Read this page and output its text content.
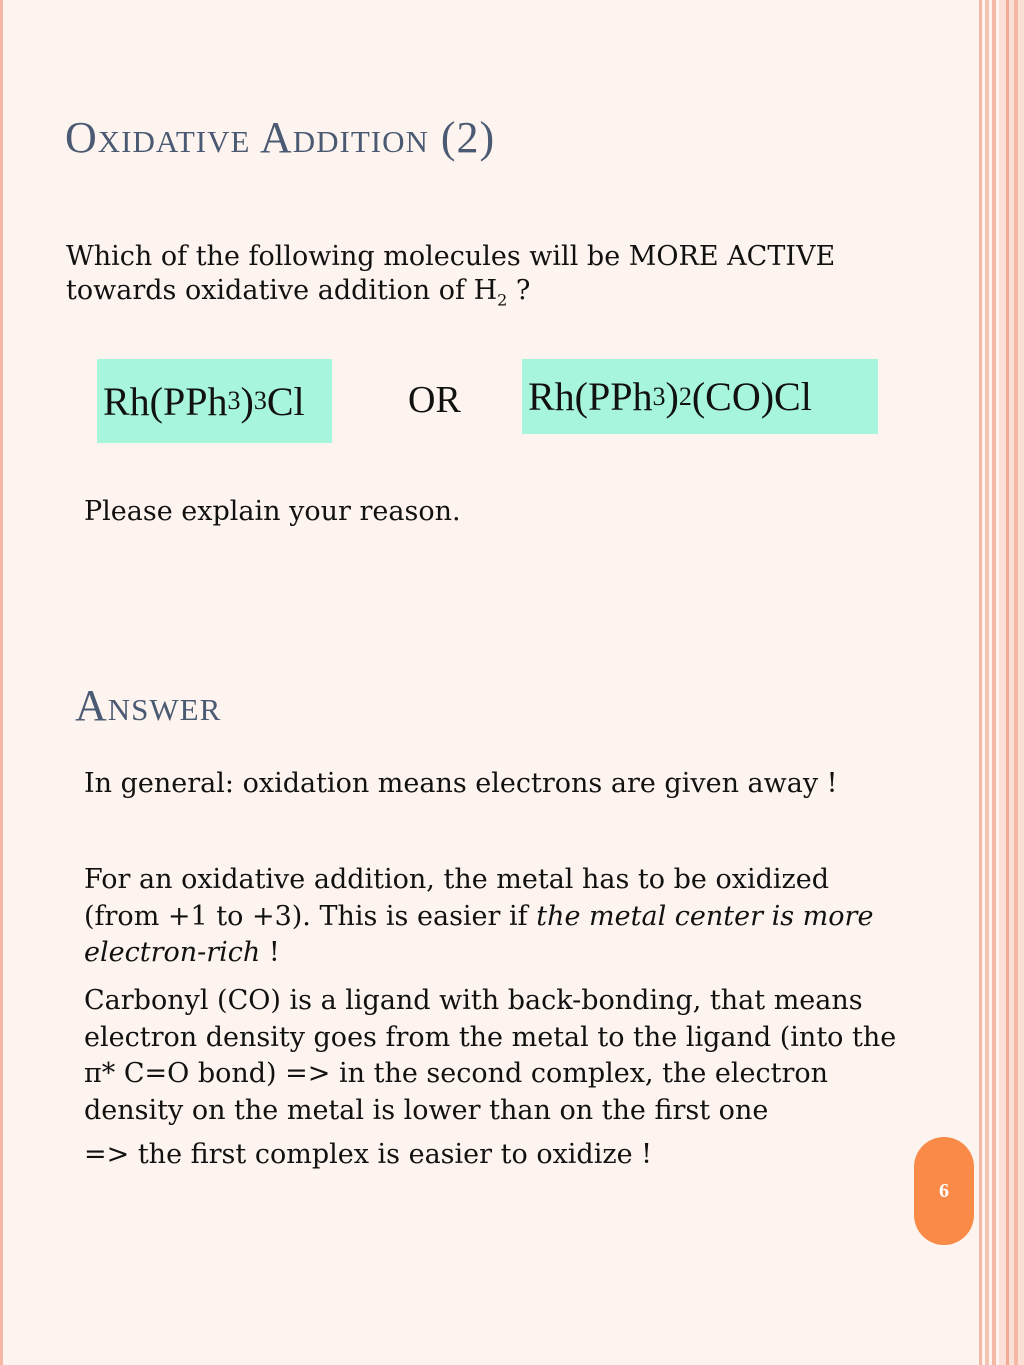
Oxidative Addition (2)
Which of the following molecules will be MORE ACTIVE towards oxidative addition of $H_2$ ?
Rh(PPh 3 ) 3 Cl	OR Rh(PPh 3 ) 2 (CO)Cl
Please explain your reason.
Answer

In general: oxidation means electrons are given away !

For an oxidative addition, the metal has to be oxidized (from +1 to +3). This is easier if the metal center is more electron-rich !

Carbonyl (CO) is a ligand with back-bonding, that means electron density goes from the metal to the ligand (into the π* C=O bond) => in the second complex, the electron density on the metal is lower than on the first one

=> the first complex is easier to oxidize !

6
